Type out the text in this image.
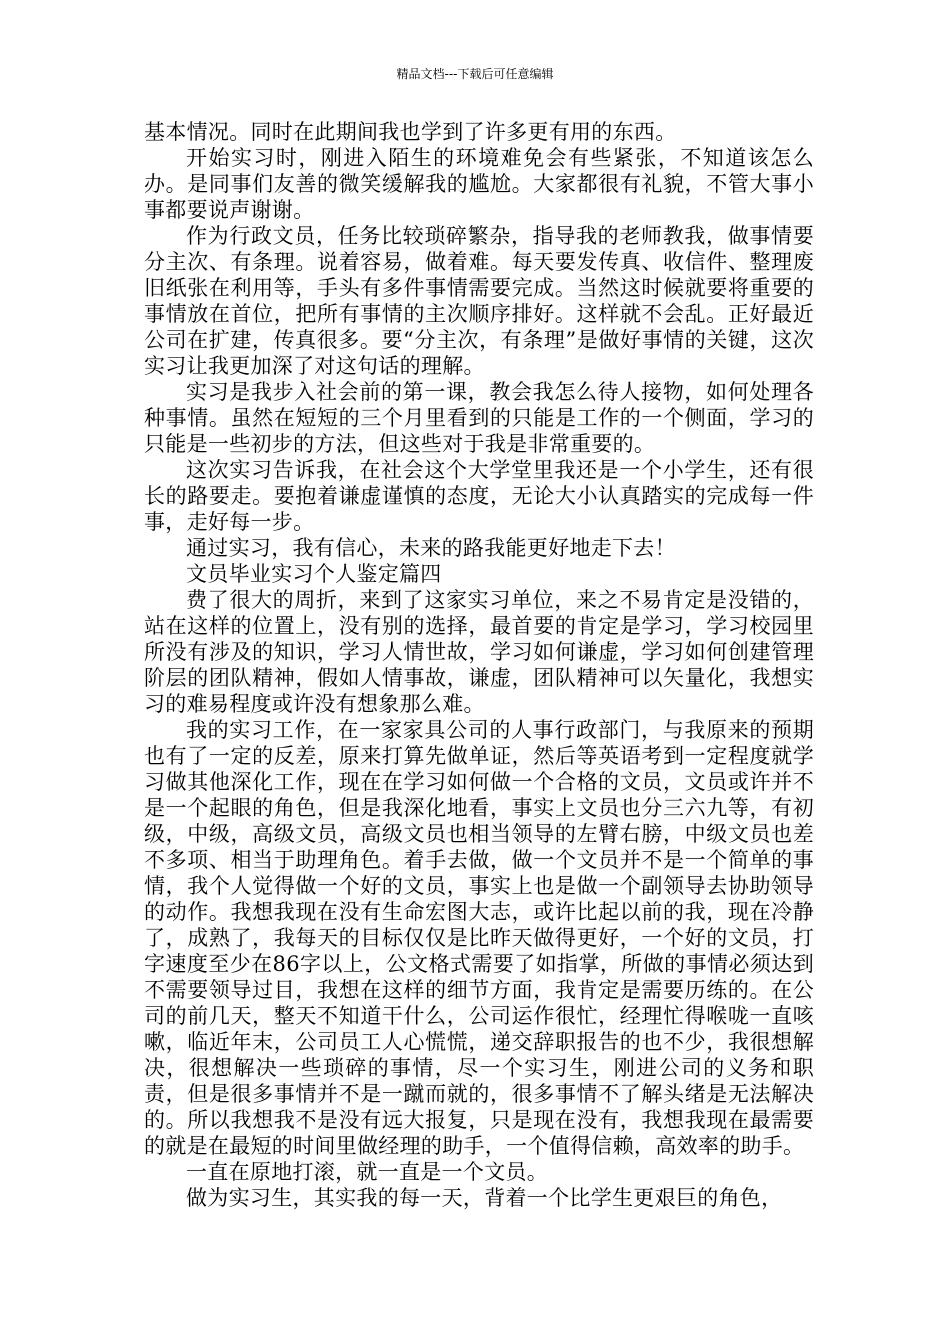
精品文档---下载后可任意编辑

基本情况。同时在此期间我也学到了许多更有用的东西。

开始实习时，刚进入陌生的环境难免会有些紧张，不知道该怎么办。是同事们友善的微笑缓解我的尴尬。大家都很有礼貌，不管大事小事都要说声谢谢。

作为行政文员，任务比较琐碎繁杂，指导我的老师教我，做事情要分主次、有条理。说着容易，做着难。每天要发传真、收信件、整理废旧纸张在利用等，手头有多件事情需要完成。当然这时候就要将重要的事情放在首位，把所有事情的主次顺序排好。这样就不会乱。正好最近公司在扩建，传真很多。要“分主次，有条理”是做好事情的关键，这次实习让我更加深了对这句话的理解。

实习是我步入社会前的第一课，教会我怎么待人接物，如何处理各种事情。虽然在短短的三个月里看到的只能是工作的一个侧面，学习的只能是一些初步的方法，但这些对于我是非常重要的。

这次实习告诉我，在社会这个大学堂里我还是一个小学生，还有很长的路要走。要抱着谦虚谨慎的态度，无论大小认真踏实的完成每一件事，走好每一步。

通过实习，我有信心，未来的路我能更好地走下去！

文员毕业实习个人鉴定篇四

费了很大的周折，来到了这家实习单位，来之不易肯定是没错的，站在这样的位置上，没有别的选择，最首要的肯定是学习，学习校园里所没有涉及的知识，学习人情世故，学习如何谦虚，学习如何创建管理阶层的团队精神，假如人情事故，谦虚，团队精神可以矢量化，我想实习的难易程度或许没有想象那么难。

我的实习工作，在一家家具公司的人事行政部门，与我原来的预期也有了一定的反差，原来打算先做单证，然后等英语考到一定程度就学习做其他深化工作，现在在学习如何做一个合格的文员，文员或许并不是一个起眼的角色，但是我深化地看，事实上文员也分三六九等，有初级，中级，高级文员，高级文员也相当领导的左臂右膀，中级文员也差不多项、相当于助理角色。着手去做，做一个文员并不是一个简单的事情，我个人觉得做一个好的文员，事实上也是做一个副领导去协助领导的动作。我想我现在没有生命宏图大志，或许比起以前的我，现在冷静了，成熟了，我每天的目标仅仅是比昨天做得更好，一个好的文员，打字速度至少在86字以上，公文格式需要了如指掌，所做的事情必须达到不需要领导过目，我想在这样的细节方面，我肯定是需要历练的。在公司的前几天，整天不知道干什么，公司运作很忙，经理忙得喉咙一直咳嗽，临近年末，公司员工人心慌慌，递交辞职报告的也不少，我很想解决，很想解决一些琐碎的事情，尽一个实习生，刚进公司的义务和职责，但是很多事情并不是一蹴而就的，很多事情不了解头绪是无法解决的。所以我想我不是没有远大报复，只是现在没有，我想我现在最需要的就是在最短的时间里做经理的助手，一个值得信赖，高效率的助手。

一直在原地打滚，就一直是一个文员。

做为实习生，其实我的每一天，背着一个比学生更艰巨的角色，
